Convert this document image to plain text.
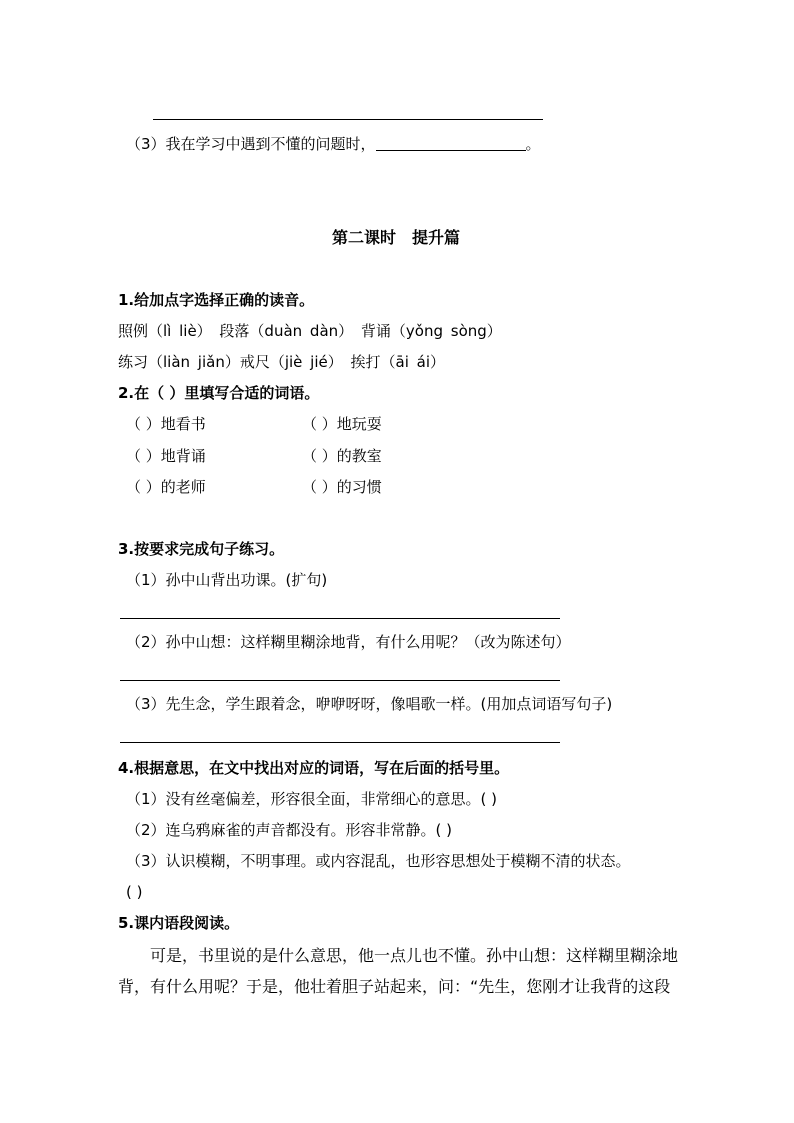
（3）我在学习中遇到不懂的问题时，	。
第二课时　提升篇
1.给加点字选择正确的读音。
照例（lì liè） 段落（duàn dàn） 背诵（yǒng sòng）
练习（liàn jiǎn）戒尺（jiè jié） 挨打（āi ái）
2.在（ ）里填写合适的词语。
（ ）地看书	（ ）地玩耍
（ ）地背诵	（ ）的教室
（ ）的老师	（ ）的习惯
3.按要求完成句子练习。
（1）孙中山背出功课。(扩句)
（2）孙中山想：这样糊里糊涂地背，有什么用呢？（改为陈述句）
（3）先生念，学生跟着念，咿咿呀呀，像唱歌一样。(用加点词语写句子)
4.根据意思，在文中找出对应的词语，写在后面的括号里。
（1）没有丝毫偏差，形容很全面，非常细心的意思。( )
（2）连乌鸦麻雀的声音都没有。形容非常静。( )
（3）认识模糊，不明事理。或内容混乱，也形容思想处于模糊不清的状态。
( )
5.课内语段阅读。
可是，书里说的是什么意思，他一点儿也不懂。孙中山想：这样糊里糊涂地
背，有什么用呢？于是，他壮着胆子站起来，问：“先生，您刚才让我背的这段
